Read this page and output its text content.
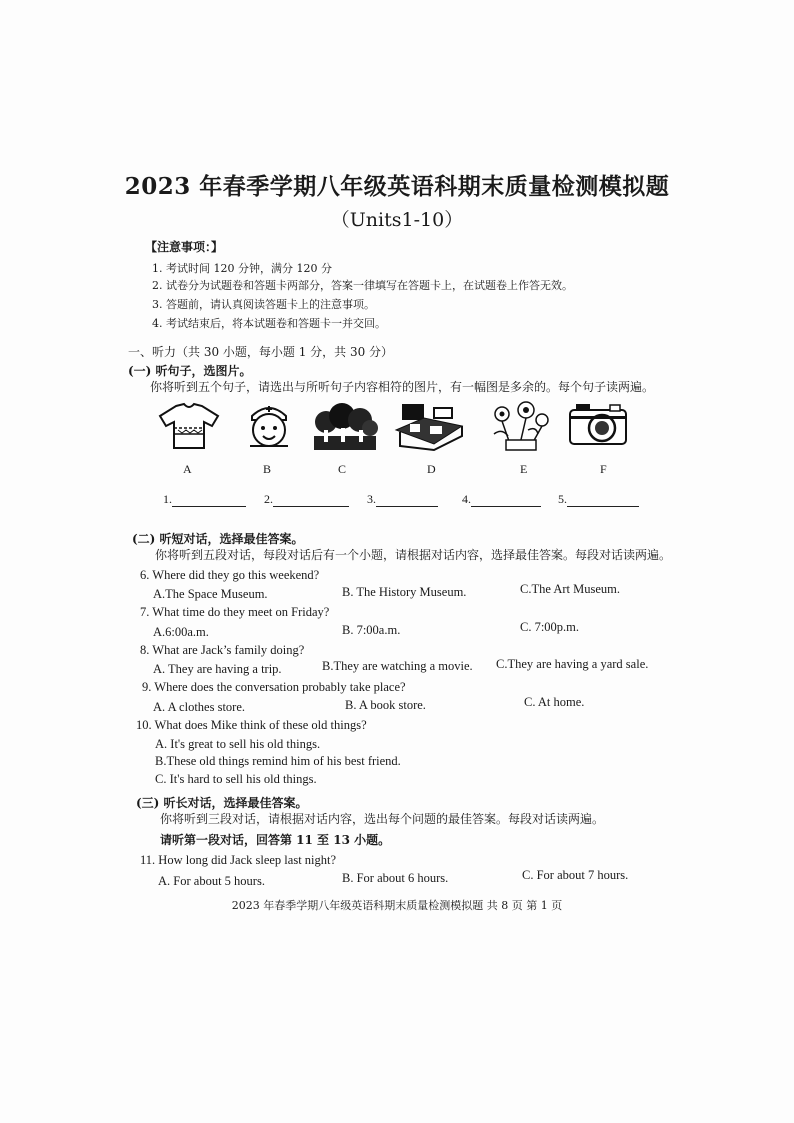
2023 年春季学期八年级英语科期末质量检测模拟题
（Units1-10）
【注意事项：】
1. 考试时间 120 分钟，满分 120 分
2. 试卷分为试题卷和答题卡两部分，答案一律填写在答题卡上，在试题卷上作答无效。
3. 答题前，请认真阅读答题卡上的注意事项。
4. 考试结束后，将本试题卷和答题卡一并交回。
一、听力（共 30 小题，每小题 1 分，共 30 分）
(一) 听句子，选图片。
你将听到五个句子，请选出与所听句子内容相符的图片，有一幅图是多余的。每个句子读两遍。
A	B	C	D	E	F
1.	2.	3.	4.	5.
(二) 听短对话，选择最佳答案。
你将听到五段对话，每段对话后有一个小题，请根据对话内容，选择最佳答案。每段对话读两遍。
6. Where did they go this weekend?
A.The Space Museum.	B. The History Museum.	C.The Art Museum.
7. What time do they meet on Friday?
A.6:00a.m.	B. 7:00a.m.	C. 7:00p.m.
8. What are Jack’s family doing?
A. They are having a trip.	B.They are watching a movie. C.They are having a yard sale.
9. Where does the conversation probably take place?
A. A clothes store.	B. A book store.	C. At home.
10. What does Mike think of these old things?
A. It's great to sell his old things.
B.These old things remind him of his best friend.
C. It's hard to sell his old things.
(三) 听长对话，选择最佳答案。
你将听到三段对话，请根据对话内容，选出每个问题的最佳答案。每段对话读两遍。
请听第一段对话，回答第 11 至 13 小题。
11. How long did Jack sleep last night?
A. For about 5 hours.	B. For about 6 hours.	C. For about 7 hours.
2023 年春季学期八年级英语科期末质量检测模拟题 共 8 页 第 1 页
